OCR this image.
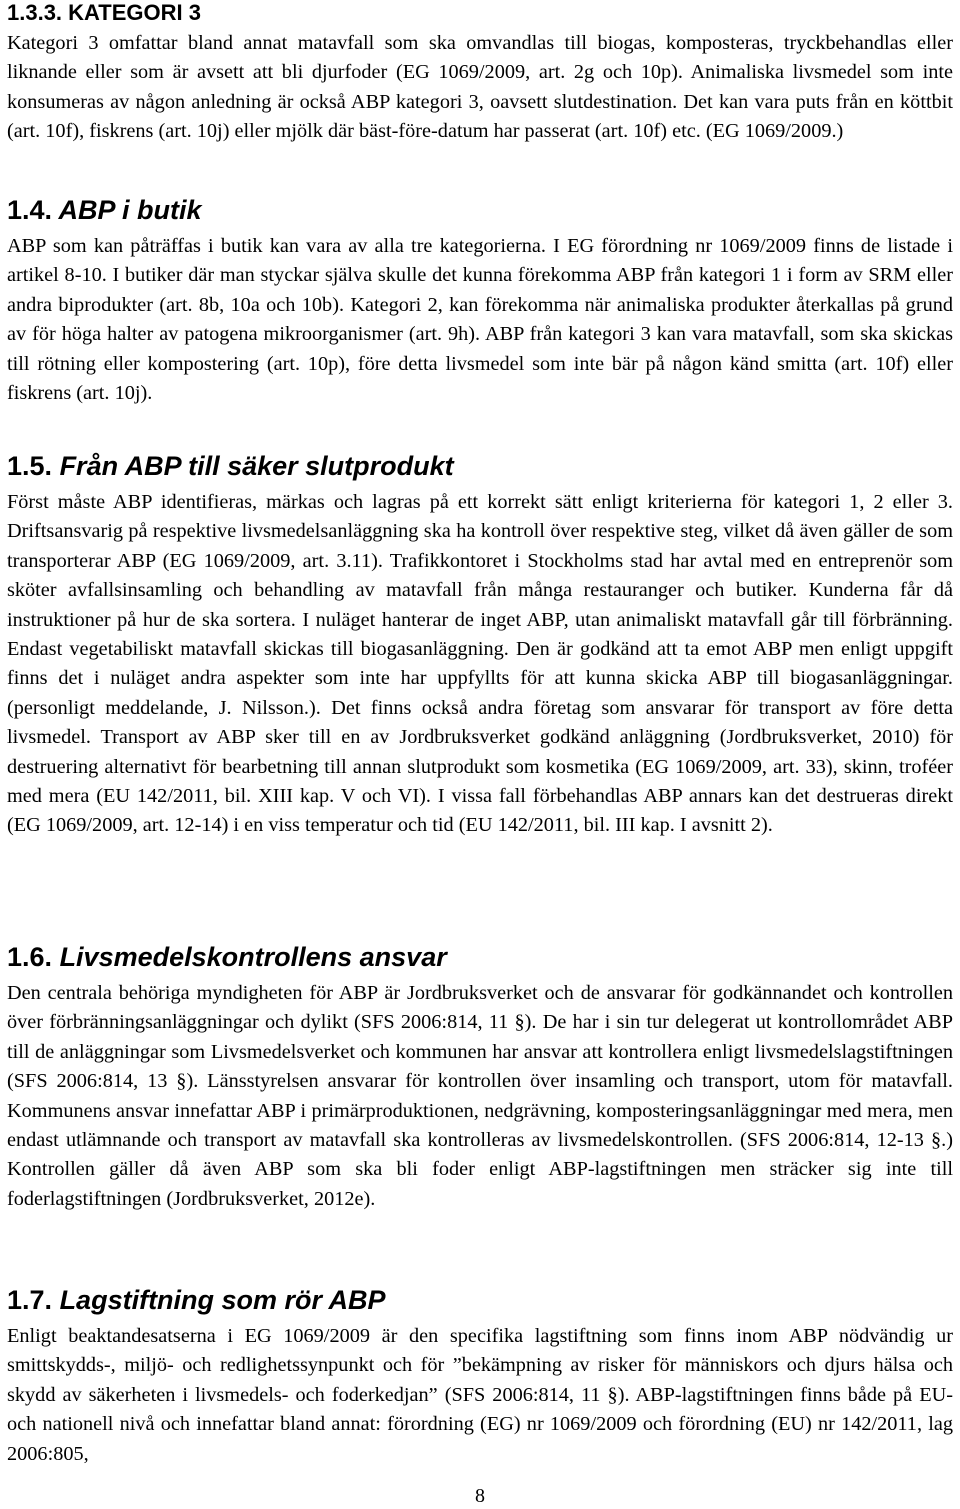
1.3.3. KATEGORI 3

Kategori 3 omfattar bland annat matavfall som ska omvandlas till biogas, komposteras, tryckbehandlas eller liknande eller som är avsett att bli djurfoder (EG 1069/2009, art. 2g och 10p). Animaliska livsmedel som inte konsumeras av någon anledning är också ABP kategori 3, oavsett slutdestination. Det kan vara puts från en köttbit (art. 10f), fiskrens (art. 10j) eller mjölk där bäst-före-datum har passerat (art. 10f) etc. (EG 1069/2009.)

1.4. ABP i butik

ABP som kan påträffas i butik kan vara av alla tre kategorierna. I EG förordning nr 1069/2009 finns de listade i artikel 8-10. I butiker där man styckar själva skulle det kunna förekomma ABP från kategori 1 i form av SRM eller andra biprodukter (art. 8b, 10a och 10b). Kategori 2, kan förekomma när animaliska produkter återkallas på grund av för höga halter av patogena mikroorganismer (art. 9h). ABP från kategori 3 kan vara matavfall, som ska skickas till rötning eller kompostering (art. 10p), före detta livsmedel som inte bär på någon känd smitta (art. 10f) eller fiskrens (art. 10j).

1.5. Från ABP till säker slutprodukt

Först måste ABP identifieras, märkas och lagras på ett korrekt sätt enligt kriterierna för kategori 1, 2 eller 3. Driftsansvarig på respektive livsmedelsanläggning ska ha kontroll över respektive steg, vilket då även gäller de som transporterar ABP (EG 1069/2009, art. 3.11). Trafikkontoret i Stockholms stad har avtal med en entreprenör som sköter avfallsinsamling och behandling av matavfall från många restauranger och butiker. Kunderna får då instruktioner på hur de ska sortera. I nuläget hanterar de inget ABP, utan animaliskt matavfall går till förbränning. Endast vegetabiliskt matavfall skickas till biogasanläggning. Den är godkänd att ta emot ABP men enligt uppgift finns det i nuläget andra aspekter som inte har uppfyllts för att kunna skicka ABP till biogasanläggningar. (personligt meddelande, J. Nilsson.). Det finns också andra företag som ansvarar för transport av före detta livsmedel. Transport av ABP sker till en av Jordbruksverket godkänd anläggning (Jordbruksverket, 2010) för destruering alternativt för bearbetning till annan slutprodukt som kosmetika (EG 1069/2009, art. 33), skinn, troféer med mera (EU 142/2011, bil. XIII kap. V och VI). I vissa fall förbehandlas ABP annars kan det destrueras direkt (EG 1069/2009, art. 12-14) i en viss temperatur och tid (EU 142/2011, bil. III kap. I avsnitt 2).

1.6. Livsmedelskontrollens ansvar

Den centrala behöriga myndigheten för ABP är Jordbruksverket och de ansvarar för godkännandet och kontrollen över förbränningsanläggningar och dylikt (SFS 2006:814, 11 §). De har i sin tur delegerat ut kontrollområdet ABP till de anläggningar som Livsmedelsverket och kommunen har ansvar att kontrollera enligt livsmedelslagstiftningen (SFS 2006:814, 13 §). Länsstyrelsen ansvarar för kontrollen över insamling och transport, utom för matavfall. Kommunens ansvar innefattar ABP i primärproduktionen, nedgrävning, komposteringsanläggningar med mera, men endast utlämnande och transport av matavfall ska kontrolleras av livsmedelskontrollen. (SFS 2006:814, 12-13 §.) Kontrollen gäller då även ABP som ska bli foder enligt ABP-lagstiftningen men sträcker sig inte till foderlagstiftningen (Jordbruksverket, 2012e).

1.7. Lagstiftning som rör ABP

Enligt beaktandesatserna i EG 1069/2009 är den specifika lagstiftning som finns inom ABP nödvändig ur smittskydds-, miljö- och redlighetssynpunkt och för ”bekämpning av risker för människors och djurs hälsa och skydd av säkerheten i livsmedels- och foderkedjan” (SFS 2006:814, 11 §). ABP-lagstiftningen finns både på EU- och nationell nivå och innefattar bland annat: förordning (EG) nr 1069/2009 och förordning (EU) nr 142/2011, lag 2006:805,

8
